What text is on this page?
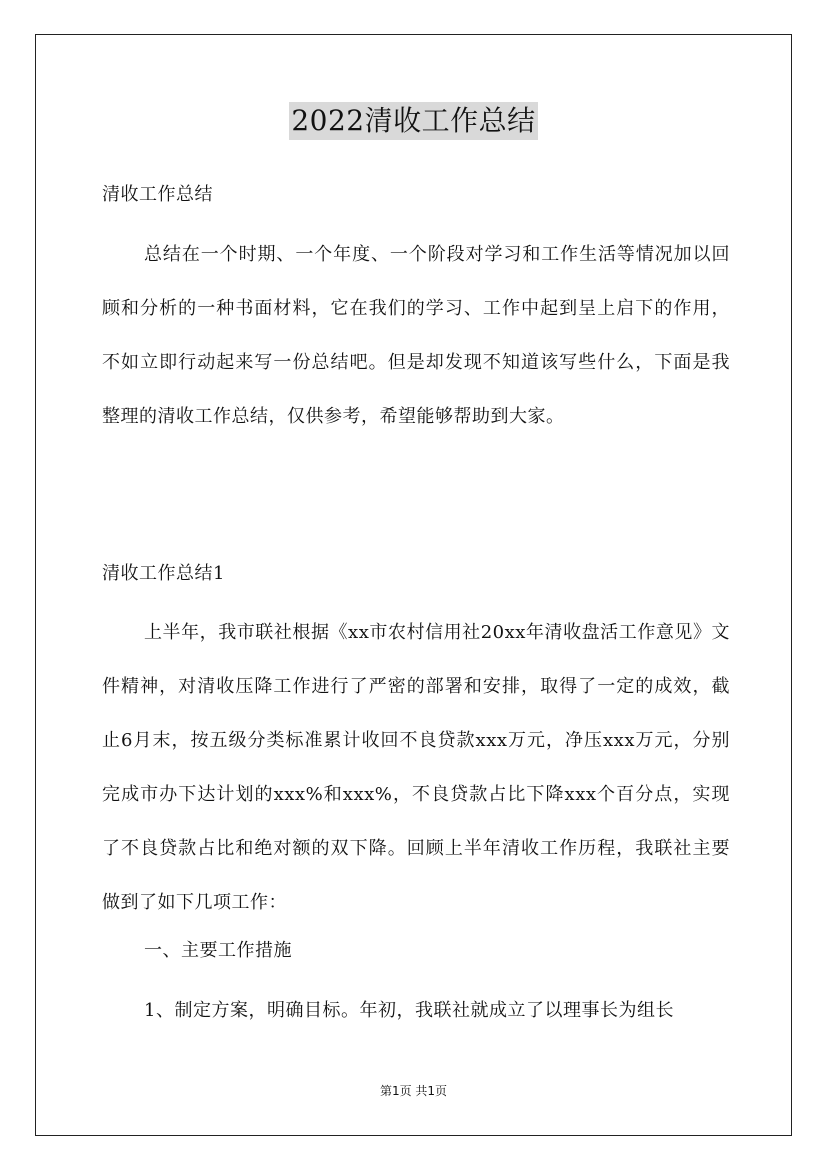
2022清收工作总结
清收工作总结
总结在一个时期、一个年度、一个阶段对学习和工作生活等情况加以回顾和分析的一种书面材料，它在我们的学习、工作中起到呈上启下的作用，不如立即行动起来写一份总结吧。但是却发现不知道该写些什么，下面是我整理的清收工作总结，仅供参考，希望能够帮助到大家。
清收工作总结1
上半年，我市联社根据《xx市农村信用社20xx年清收盘活工作意见》文件精神，对清收压降工作进行了严密的部署和安排，取得了一定的成效，截止6月末，按五级分类标准累计收回不良贷款xxx万元，净压xxx万元，分别完成市办下达计划的xxx%和xxx%，不良贷款占比下降xxx个百分点，实现了不良贷款占比和绝对额的双下降。回顾上半年清收工作历程，我联社主要做到了如下几项工作：
一、主要工作措施
1、制定方案，明确目标。年初，我联社就成立了以理事长为组长
第1页 共1页
